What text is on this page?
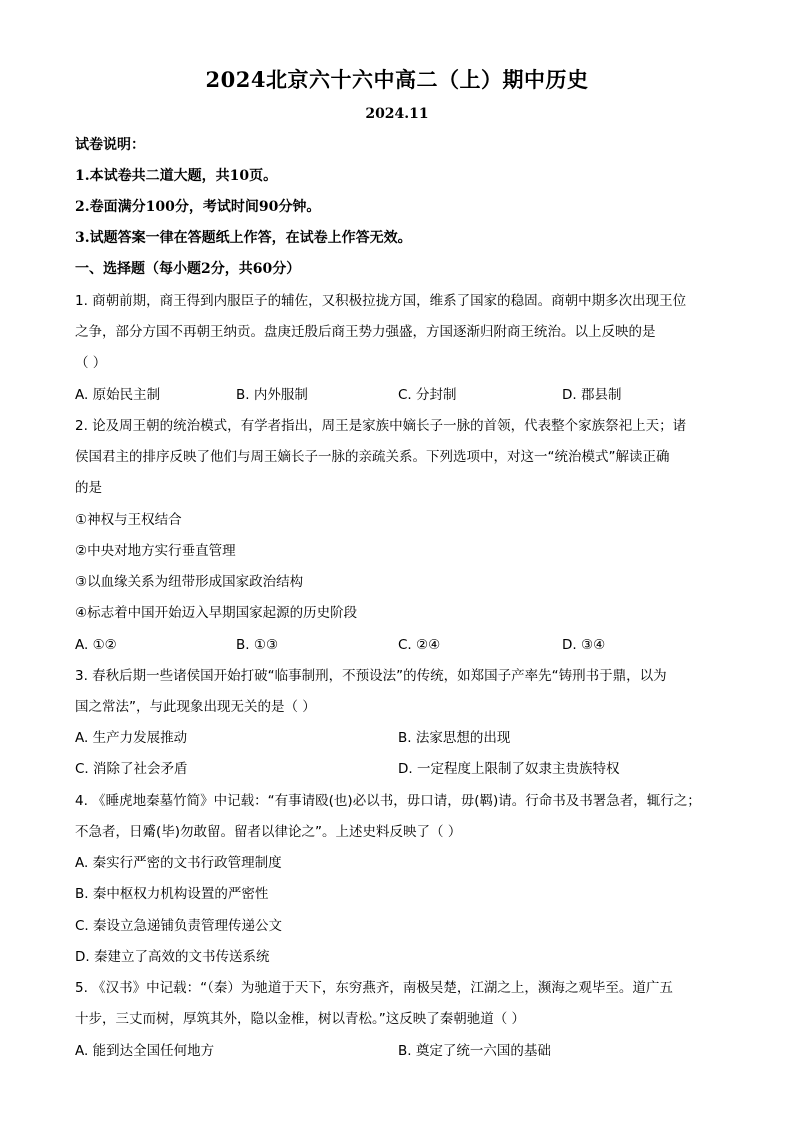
2024北京六十六中高二（上）期中历史
2024.11
试卷说明：
1.本试卷共二道大题，共10页。
2.卷面满分100分，考试时间90分钟。
3.试题答案一律在答题纸上作答，在试卷上作答无效。
一、选择题（每小题2分，共60分）
1. 商朝前期，商王得到内服臣子的辅佐，又积极拉拢方国，维系了国家的稳固。商朝中期多次出现王位
之争，部分方国不再朝王纳贡。盘庚迁殷后商王势力强盛，方国逐渐归附商王统治。以上反映的是
（ ）
A. 原始民主制	B. 内外服制	C. 分封制	D. 郡县制
2. 论及周王朝的统治模式，有学者指出，周王是家族中嫡长子一脉的首领，代表整个家族祭祀上天；诸
侯国君主的排序反映了他们与周王嫡长子一脉的亲疏关系。下列选项中，对这一“统治模式”解读正确
的是
①神权与王权结合
②中央对地方实行垂直管理
③以血缘关系为纽带形成国家政治结构
④标志着中国开始迈入早期国家起源的历史阶段
A. ①②	B. ①③	C. ②④	D. ③④
3. 春秋后期一些诸侯国开始打破“临事制刑，不预设法”的传统，如郑国子产率先“铸刑书于鼎，以为
国之常法”，与此现象出现无关的是（ ）
A. 生产力发展推动	B. 法家思想的出现
C. 消除了社会矛盾	D. 一定程度上限制了奴隶主贵族特权
4. 《睡虎地秦墓竹简》中记载：“有事请殴(也)必以书，毋口请，毋(羁)请。行命书及书署急者，辄行之；
不急者，日觱(毕)勿敢留。留者以律论之”。上述史料反映了（ ）
A. 秦实行严密的文书行政管理制度
B. 秦中枢权力机构设置的严密性
C. 秦设立急递铺负责管理传递公文
D. 秦建立了高效的文书传送系统
5. 《汉书》中记载：“（秦）为驰道于天下，东穷燕齐，南极吴楚，江湖之上，濒海之观毕至。道广五
十步，三丈而树，厚筑其外，隐以金椎，树以青松。”这反映了秦朝驰道（ ）
A. 能到达全国任何地方	B. 奠定了统一六国的基础
